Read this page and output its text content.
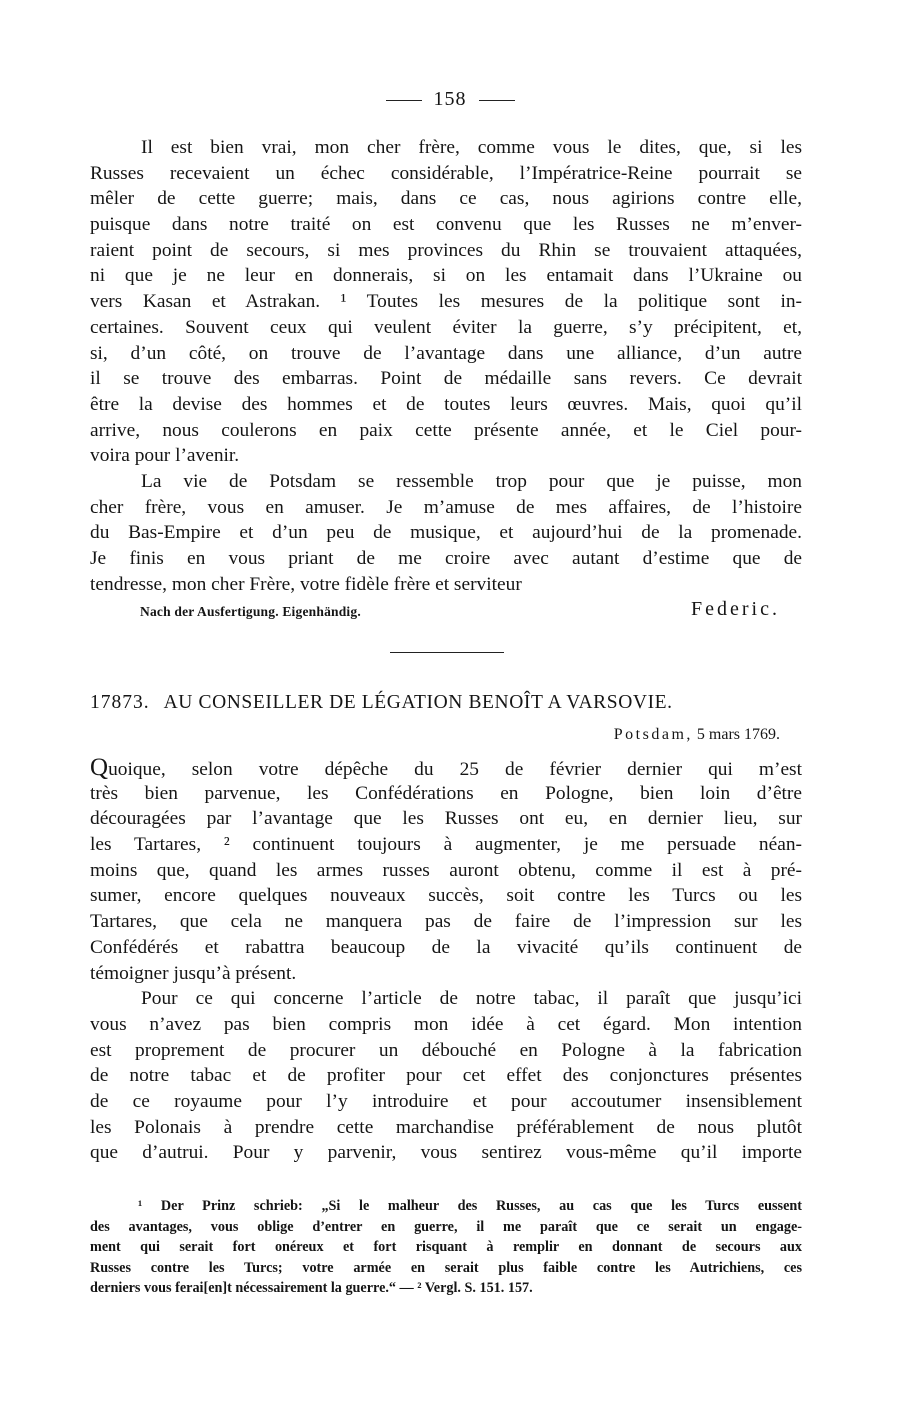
158
Il est bien vrai, mon cher frère, comme vous le dites, que, si les
Russes recevaient un échec considérable, l’Impératrice-Reine pourrait se
mêler de cette guerre; mais, dans ce cas, nous agirions contre elle,
puisque dans notre traité on est convenu que les Russes ne m’enver-
raient point de secours, si mes provinces du Rhin se trouvaient attaquées,
ni que je ne leur en donnerais, si on les entamait dans l’Ukraine ou
vers Kasan et Astrakan. ¹ Toutes les mesures de la politique sont in-
certaines. Souvent ceux qui veulent éviter la guerre, s’y précipitent, et,
si, d’un côté, on trouve de l’avantage dans une alliance, d’un autre
il se trouve des embarras. Point de médaille sans revers. Ce devrait
être la devise des hommes et de toutes leurs œuvres. Mais, quoi qu’il
arrive, nous coulerons en paix cette présente année, et le Ciel pour-
voira pour l’avenir.
La vie de Potsdam se ressemble trop pour que je puisse, mon
cher frère, vous en amuser. Je m’amuse de mes affaires, de l’histoire
du Bas-Empire et d’un peu de musique, et aujourd’hui de la promenade.
Je finis en vous priant de me croire avec autant d’estime que de
tendresse, mon cher Frère, votre fidèle frère et serviteur
Nach der Ausfertigung. Eigenhändig.	Federic.
17873. AU CONSEILLER DE LÉGATION BENOÎT A VARSOVIE.
Potsdam, 5 mars 1769.
Quoique, selon votre dépêche du 25 de février dernier qui m’est
très bien parvenue, les Confédérations en Pologne, bien loin d’être
découragées par l’avantage que les Russes ont eu, en dernier lieu, sur
les Tartares, ² continuent toujours à augmenter, je me persuade néan-
moins que, quand les armes russes auront obtenu, comme il est à pré-
sumer, encore quelques nouveaux succès, soit contre les Turcs ou les
Tartares, que cela ne manquera pas de faire de l’impression sur les
Confédérés et rabattra beaucoup de la vivacité qu’ils continuent de
témoigner jusqu’à présent.
Pour ce qui concerne l’article de notre tabac, il paraît que jusqu’ici
vous n’avez pas bien compris mon idée à cet égard. Mon intention
est proprement de procurer un débouché en Pologne à la fabrication
de notre tabac et de profiter pour cet effet des conjonctures présentes
de ce royaume pour l’y introduire et pour accoutumer insensiblement
les Polonais à prendre cette marchandise préférablement de nous plutôt
que d’autrui. Pour y parvenir, vous sentirez vous-même qu’il importe
¹ Der Prinz schrieb: „Si le malheur des Russes, au cas que les Turcs eussent
des avantages, vous oblige d’entrer en guerre, il me paraît que ce serait un engage-
ment qui serait fort onéreux et fort risquant à remplir en donnant de secours aux
Russes contre les Turcs; votre armée en serait plus faible contre les Autrichiens, ces
derniers vous ferai[en]t nécessairement la guerre.“ — ² Vergl. S. 151. 157.
